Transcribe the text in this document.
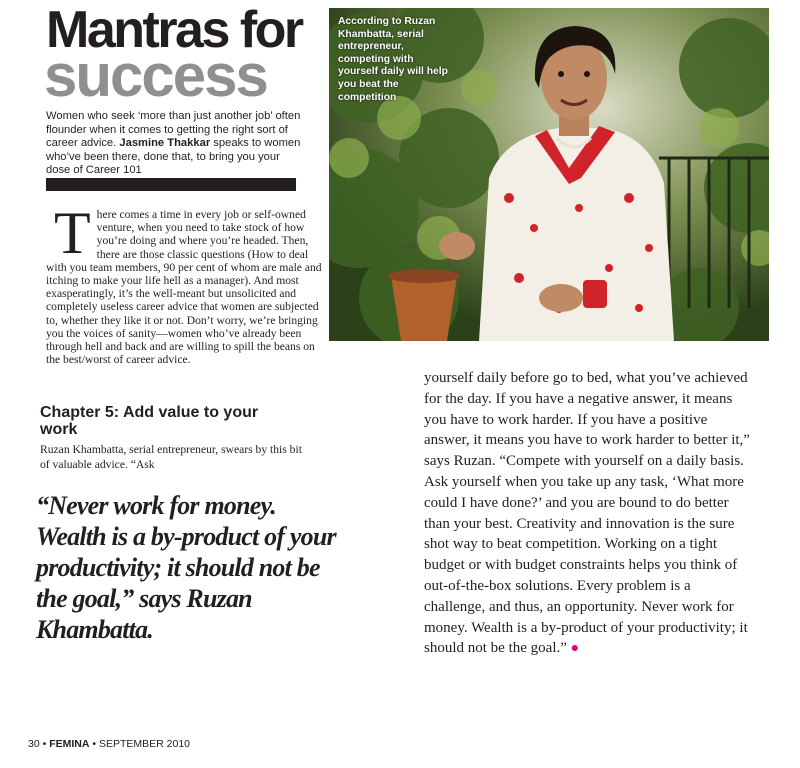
Mantras for
success
Women who seek ‘more than just another job’ often flounder when it comes to getting the right sort of career advice. Jasmine Thakkar speaks to women who’ve been there, done that, to bring you your dose of Career 101
There comes a time in every job or self-owned venture, when you need to take stock of how you’re doing and where you’re headed. Then, there are those classic questions (How to deal with you team members, 90 per cent of whom are male and itching to make your life hell as a manager). And most exasperatingly, it’s the well-meant but unsolicited and completely useless career advice that women are subjected to, whether they like it or not. Don’t worry, we’re bringing you the voices of sanity—women who’ve already been through hell and back and are willing to spill the beans on the best/worst of career advice.
Chapter 5: Add value to your work
Ruzan Khambatta, serial entrepreneur, swears by this bit of valuable advice. “Ask
“Never work for money. Wealth is a by-product of your productivity; it should not be the goal,” says Ruzan Khambatta.
30 • FEMINA • SEPTEMBER 2010
According to Ruzan Khambatta, serial entrepreneur, competing with yourself daily will help you beat the competition
yourself daily before go to bed, what you’ve achieved for the day. If you have a negative answer, it means you have to work harder. If you have a positive answer, it means you have to work harder to better it,” says Ruzan. “Compete with yourself on a daily basis. Ask yourself when you take up any task, ‘What more could I have done?’ and you are bound to do better than your best. Creativity and innovation is the sure shot way to beat competition. Working on a tight budget or with budget constraints helps you think of out-of-the-box solutions. Every problem is a challenge, and thus, an opportunity. Never work for money. Wealth is a by-product of your productivity; it should not be the goal.” ●
